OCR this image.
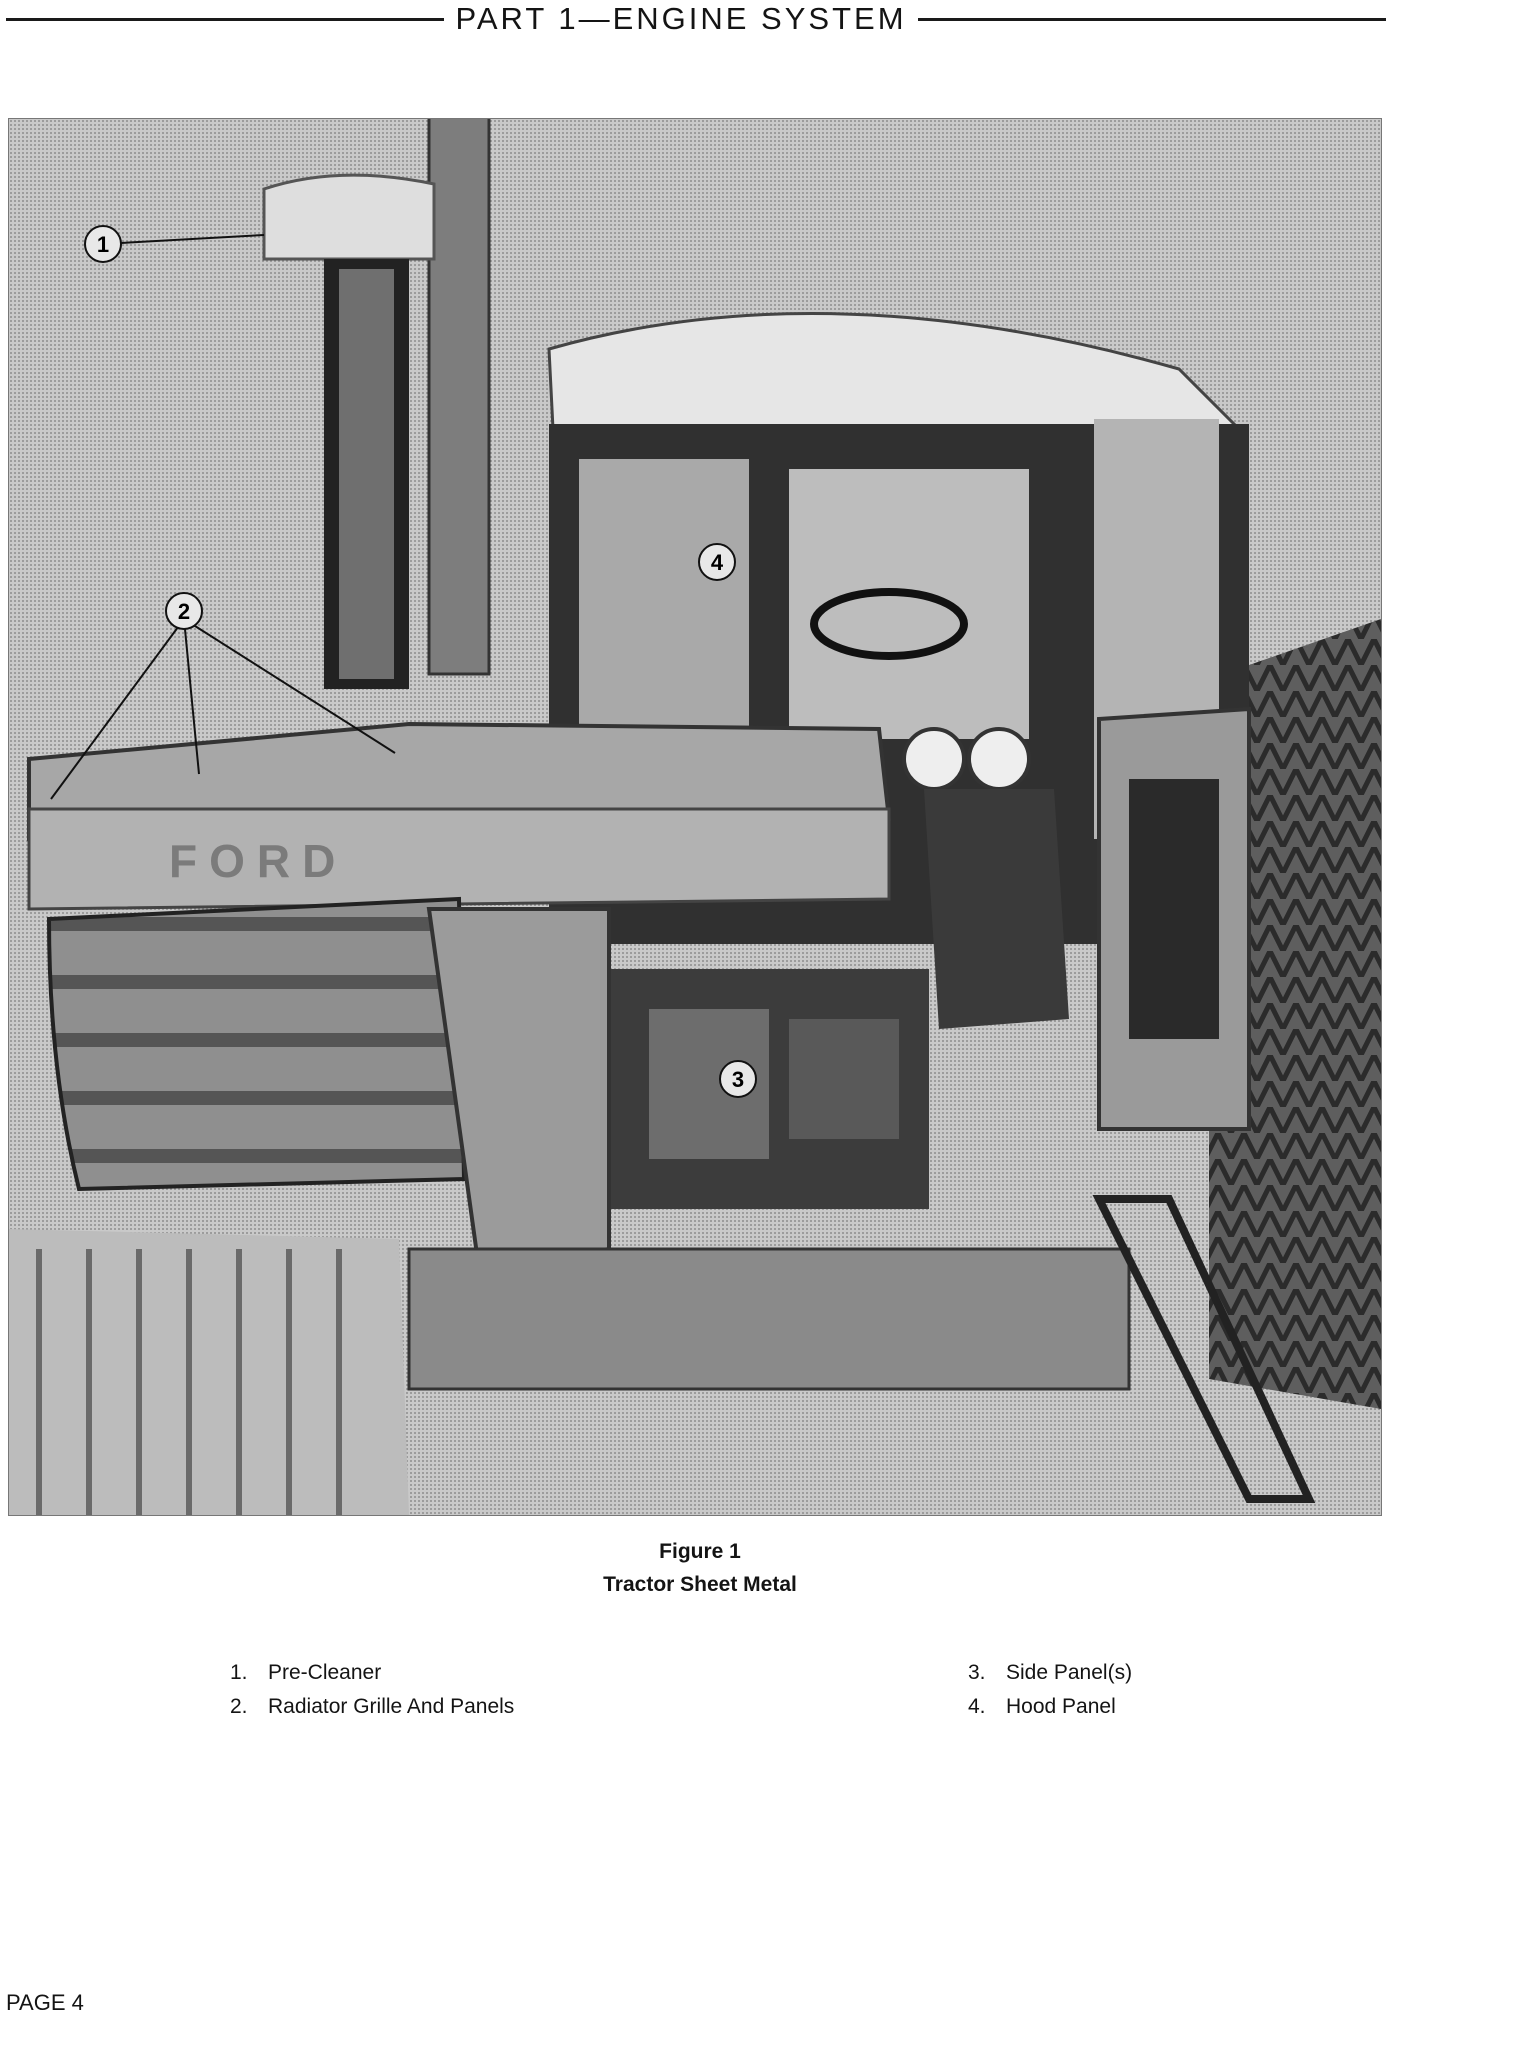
PART 1—ENGINE SYSTEM
FORD
1
2
3
4
Figure 1
Tractor Sheet Metal
1. Pre-Cleaner
2. Radiator Grille And Panels
3. Side Panel(s)
4. Hood Panel
PAGE 4
